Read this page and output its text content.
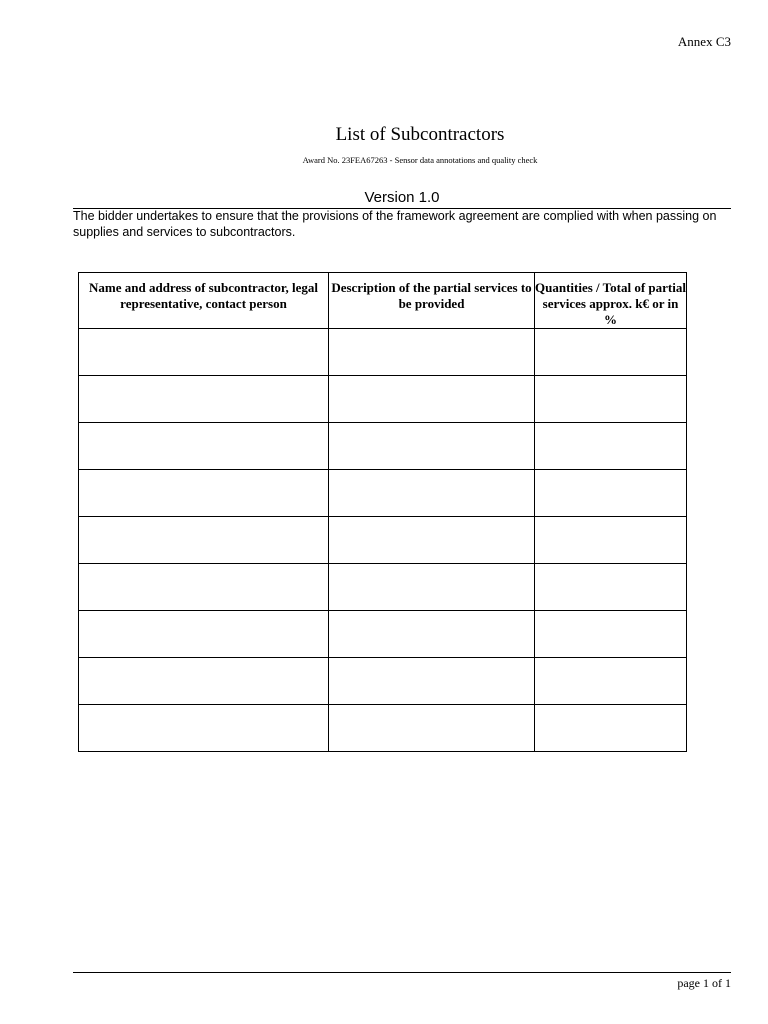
Annex C3
List of Subcontractors
Award No. 23FEA67263 - Sensor data annotations and quality check
Version 1.0
The bidder undertakes to ensure that the provisions of the framework agreement are complied with when passing on supplies and services to subcontractors.
Name and address of subcontractor, legal representative, contact person	Description of the partial services to be provided	Quantities / Total of partial services approx. k€ or in %

page 1 of 1
